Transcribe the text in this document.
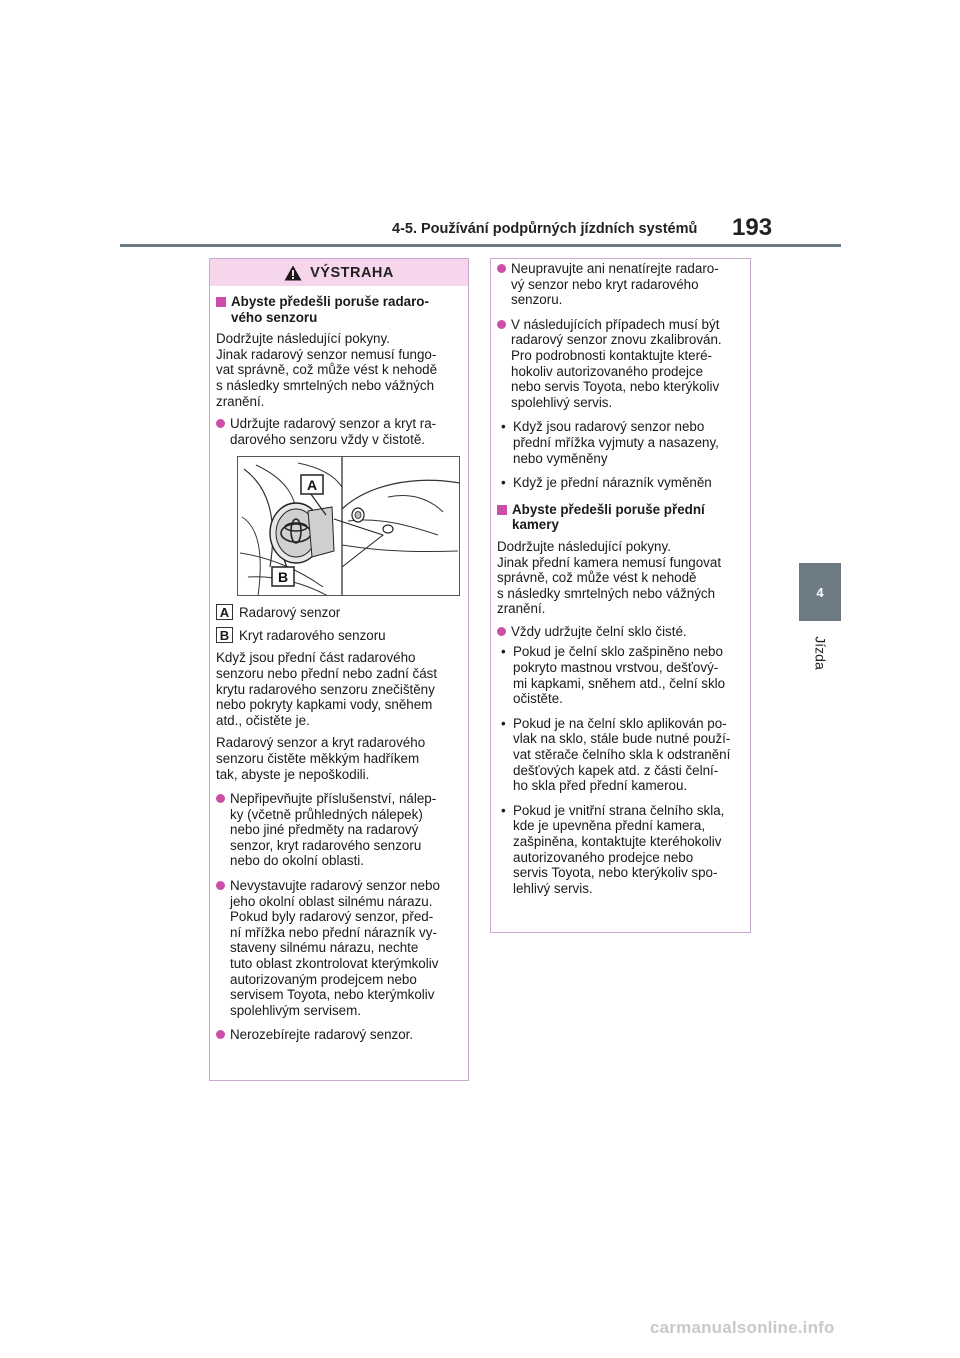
4-5. Používání podpůrných jízdních systémů 193
4
Jízda
VÝSTRAHA
Abyste předešli poruše radaro-
vého senzoru
Dodržujte následující pokyny.
Jinak radarový senzor nemusí fungo-
vat správně, což může vést k nehodě
s následky smrtelných nebo vážných
zranění.
Udržujte radarový senzor a kryt ra-
darového senzoru vždy v čistotě.
A
B
A Radarový senzor
B Kryt radarového senzoru
Když jsou přední část radarového
senzoru nebo přední nebo zadní část
krytu radarového senzoru znečištěny
nebo pokryty kapkami vody, sněhem
atd., očistěte je.
Radarový senzor a kryt radarového
senzoru čistěte měkkým hadříkem
tak, abyste je nepoškodili.
Nepřipevňujte příslušenství, nálep-
ky (včetně průhledných nálepek)
nebo jiné předměty na radarový
senzor, kryt radarového senzoru
nebo do okolní oblasti.
Nevystavujte radarový senzor nebo
jeho okolní oblast silnému nárazu.
Pokud byly radarový senzor, před-
ní mřížka nebo přední nárazník vy-
staveny silnému nárazu, nechte
tuto oblast zkontrolovat kterýmkoliv
autorizovaným prodejcem nebo
servisem Toyota, nebo kterýmkoliv
spolehlivým servisem.
Nerozebírejte radarový senzor.
Neupravujte ani nenatírejte radaro-
vý senzor nebo kryt radarového
senzoru.
V následujících případech musí být
radarový senzor znovu zkalibrován.
Pro podrobnosti kontaktujte které-
hokoliv autorizovaného prodejce
nebo servis Toyota, nebo kterýkoliv
spolehlivý servis.
• Když jsou radarový senzor nebo
přední mřížka vyjmuty a nasazeny,
nebo vyměněny
• Když je přední nárazník vyměněn
Abyste předešli poruše přední
kamery
Dodržujte následující pokyny.
Jinak přední kamera nemusí fungovat
správně, což může vést k nehodě
s následky smrtelných nebo vážných
zranění.
Vždy udržujte čelní sklo čisté.
• Pokud je čelní sklo zašpiněno nebo
pokryto mastnou vrstvou, dešťový-
mi kapkami, sněhem atd., čelní sklo
očistěte.
• Pokud je na čelní sklo aplikován po-
vlak na sklo, stále bude nutné použí-
vat stěrače čelního skla k odstranění
dešťových kapek atd. z části čelní-
ho skla před přední kamerou.
• Pokud je vnitřní strana čelního skla,
kde je upevněna přední kamera,
zašpiněna, kontaktujte kteréhokoliv
autorizovaného prodejce nebo
servis Toyota, nebo kterýkoliv spo-
lehlivý servis.
carmanualsonline.info
